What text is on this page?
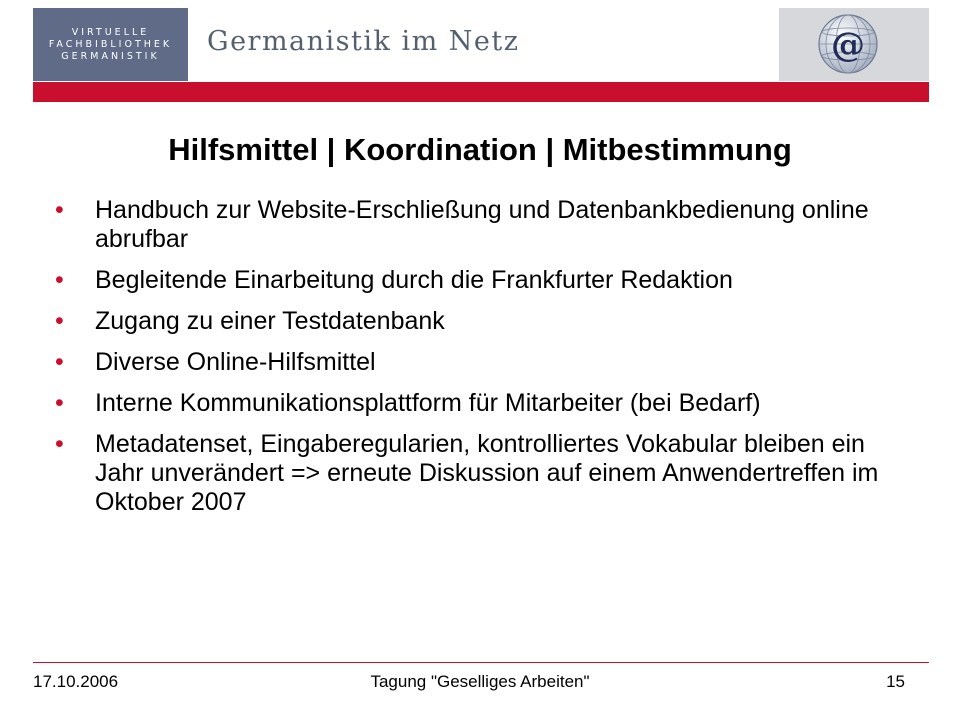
VIRTUELLE
FACHBIBLIOTHEK
GERMANISTIK Germanistik im Netz	@
Hilfsmittel | Koordination | Mitbestimmung
• Handbuch zur Website-Erschließung und Datenbankbedienung online abrufbar
• Begleitende Einarbeitung durch die Frankfurter Redaktion
• Zugang zu einer Testdatenbank
• Diverse Online-Hilfsmittel
• Interne Kommunikationsplattform für Mitarbeiter (bei Bedarf)
• Metadatenset, Eingaberegularien, kontrolliertes Vokabular bleiben ein Jahr unverändert => erneute Diskussion auf einem Anwendertreffen im Oktober 2007
17.10.2006	Tagung "Geselliges Arbeiten"	15
